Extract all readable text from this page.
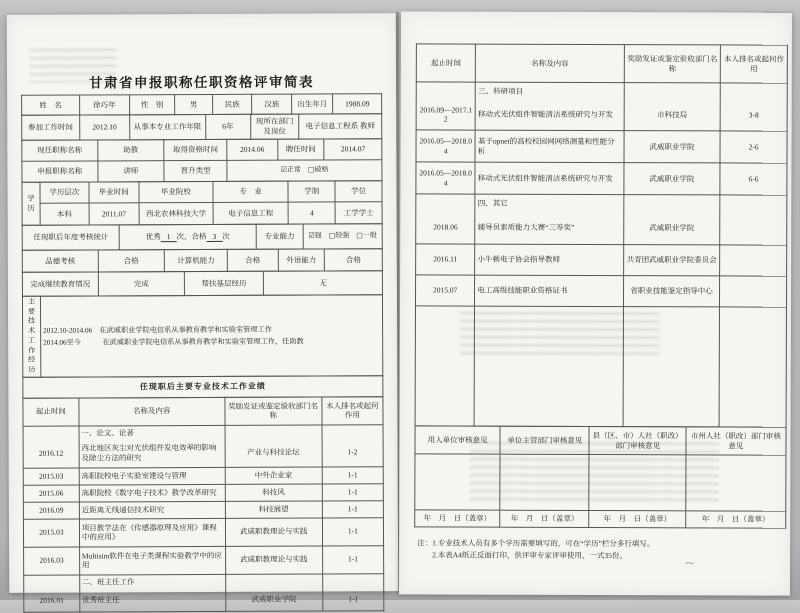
甘肃省申报职称任职资格评审简表
姓　名	徐巧年	性　别	男	民族	汉族	出生年月	1988.09
参加工作时间	2012.10	从事本专业工作年限	6年	现所在部门及岗位	电子信息工程系 教师
现任职称名称	助教	取得资格时间	2014.06	聘任时间	2014.07
申报职称名称	讲师	晋升类型	☑正常　□破格		
学历	学历层次	毕业时间	毕业院校	专　业	学制	学位
	本科	2011.07	西北农林科技大学	电子信息工程	4	工学学士
任现职后年度考核统计	优秀 1 次，合格 3 次	专业能力	☑强　□较强　□一般
品德考核	合格	计算机能力	合格	外语能力	合格
完成继续教育情况	完成	帮扶基层经历	无
主要技术工作经历	
2012.10-2014.06　在武威职业学院电信系从事教育教学和实验室管理工作
2014.06至今　　　在武威职业学院电信系从事教育教学和实验室管理工作，任助教
任现职后主要专业技术工作业绩
起止时间	名称及内容	奖励发证或鉴定验收部门名称	本人排名或起何作用
	一、论文、论著		
2016.12	西北地区灰尘对光伏组件发电效率的影响及除尘方法的研究	产业与科技论坛	1-2
2015.03	高职院校电子实验室建设与管理	中外企业家	1-1
2015.06	高职院校《数字电子技术》教学改革研究	科技风	1-1
2016.09	近距离无线通信技术研究	科技展望	1-1
2015.03	项目教学法在《传感器原理及应用》课程中的应用》	武威职教理论与实践	1-1
2016.03	Multisim软件在电子类课程实验教学中的应用	武威职教理论与实践	1-1
	二、班主任工作		
2016.01	优秀班主任	武威职业学院	1-1
起止时间	名称及内容	奖励发证或鉴定验收部门名称	本人排名或起何作用
	三、科研项目		
2016.09—2017.12	移动式光伏组件智能清洁系统研究与开发	市科技局	3-8
2016.05—2018.04	基于opnet的高校校园网网络测量和性能分析	武威职业学院	2-6
2016.05—2018.04	移动式光伏组件智能清洁系统研究与开发	武威职业学院	6-6
	四、其它		
2018.06	辅导员素质能力大赛“三等奖”	武威职业学院	
2016.11	小牛顿电子协会指导教师	共青团武威职业学院委员会	
2015.07	电工高级技能职业资格证书	省职业技能鉴定指导中心	

用人单位审核意见	单位主管部门审核意见	县（区、市）人社（职改）部门审核意见	市州人社（职改）部门审核意见

年　月　日（盖章）	年　月　日（盖章）	年　月　日（盖章）	年　月　日（盖章）
注：1.专业技术人员有多个学历需要填写的，可在“学历”栏分多行填写。
2.本表A4纸正反面打印，供评审专家评审使用，一式35份。
~
